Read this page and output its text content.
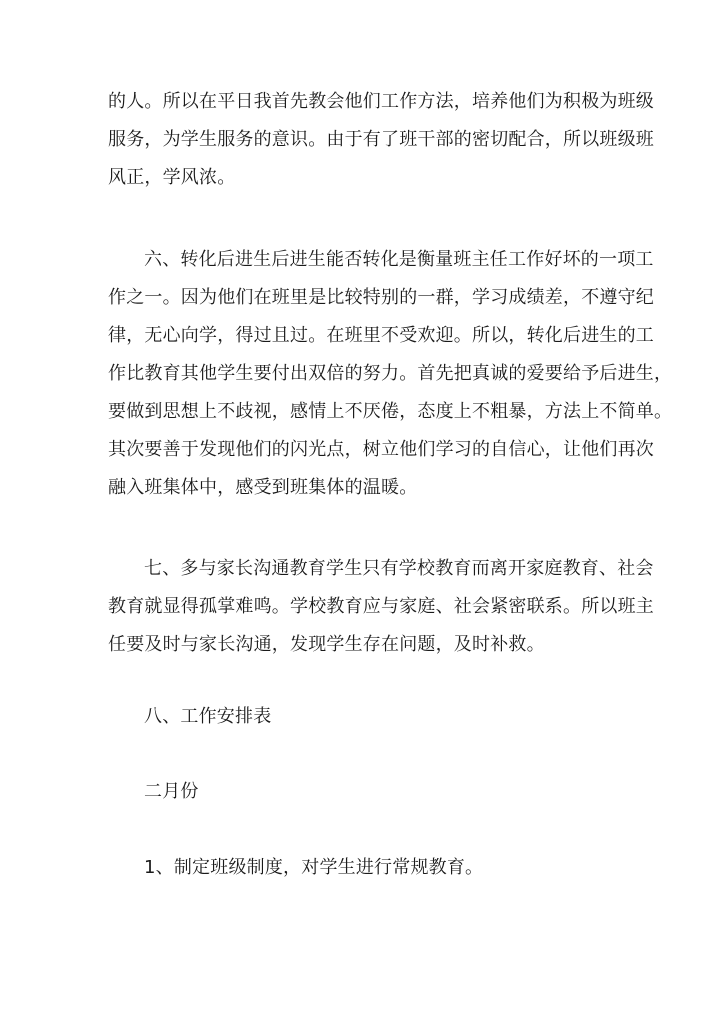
的人。所以在平日我首先教会他们工作方法，培养他们为积极为班级
服务，为学生服务的意识。由于有了班干部的密切配合，所以班级班
风正，学风浓。

六、转化后进生后进生能否转化是衡量班主任工作好坏的一项工
作之一。因为他们在班里是比较特别的一群，学习成绩差，不遵守纪
律，无心向学，得过且过。在班里不受欢迎。所以，转化后进生的工
作比教育其他学生要付出双倍的努力。首先把真诚的爱要给予后进生，
要做到思想上不歧视，感情上不厌倦，态度上不粗暴，方法上不简单。
其次要善于发现他们的闪光点，树立他们学习的自信心，让他们再次
融入班集体中，感受到班集体的温暖。

七、多与家长沟通教育学生只有学校教育而离开家庭教育、社会
教育就显得孤掌难鸣。学校教育应与家庭、社会紧密联系。所以班主
任要及时与家长沟通，发现学生存在问题，及时补救。

八、工作安排表

二月份

1、制定班级制度，对学生进行常规教育。
